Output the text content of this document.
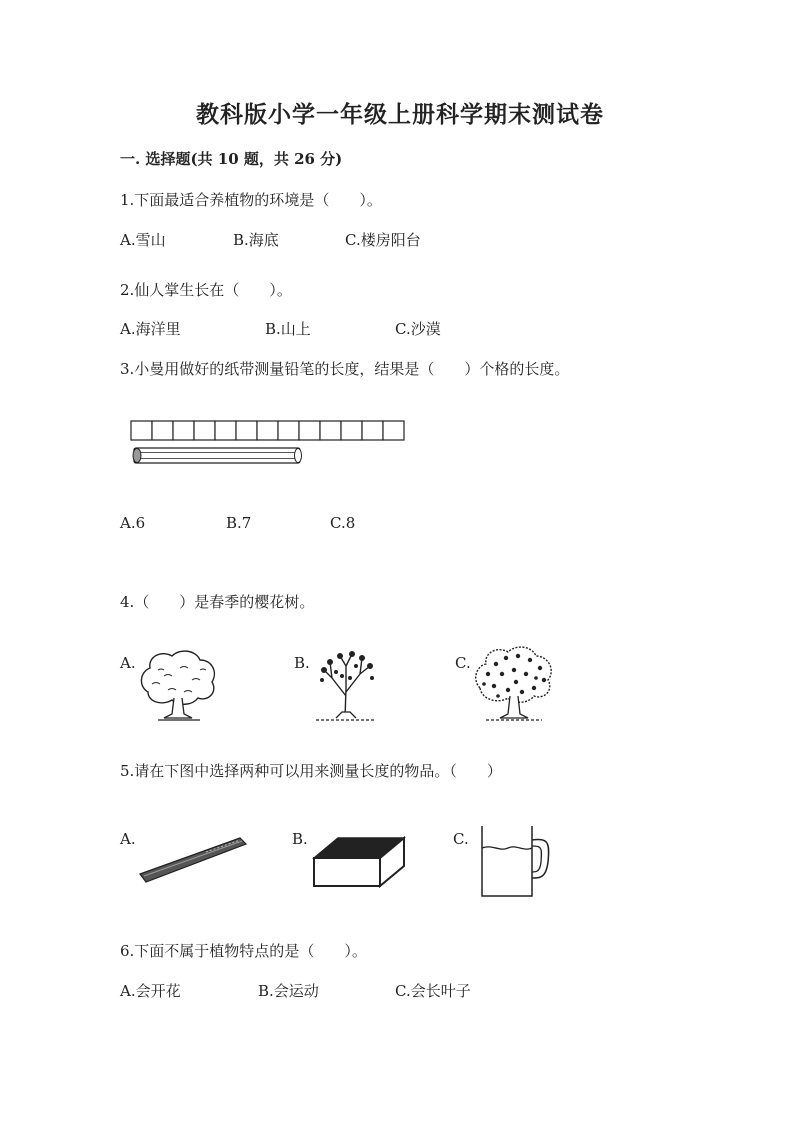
教科版小学一年级上册科学期末测试卷
一. 选择题(共 10 题，共 26 分)
1.下面最适合养植物的环境是（　　）。
A.雪山	B.海底	C.楼房阳台
2.仙人掌生长在（　　）。
A.海洋里	B.山上	C.沙漠
3.小曼用做好的纸带测量铅笔的长度，结果是（　　）个格的长度。
A.6	B.7	C.8
4.（　　）是春季的樱花树。
A.	B.	C.
5.请在下图中选择两种可以用来测量长度的物品。（　　）
A.	B.	C.
6.下面不属于植物特点的是（　　）。
A.会开花	B.会运动	C.会长叶子
